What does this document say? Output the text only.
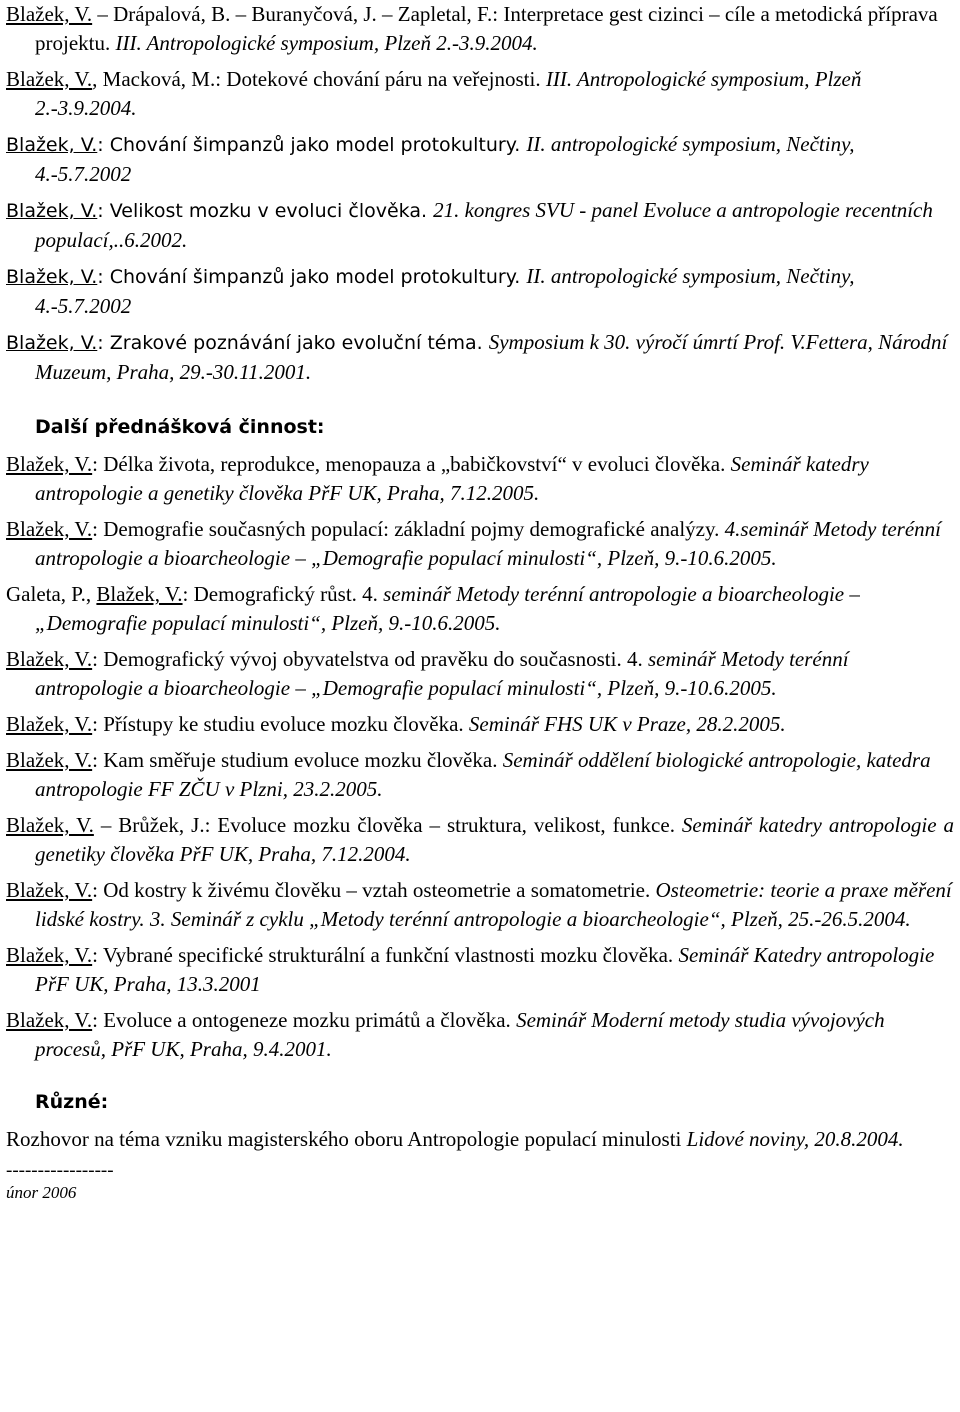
Blažek, V. – Drápalová, B. – Buranyčová, J. – Zapletal, F.: Interpretace gest cizinci – cíle a metodická příprava projektu. III. Antropologické symposium, Plzeň 2.-3.9.2004.

Blažek, V., Macková, M.: Dotekové chování páru na veřejnosti. III. Antropologické symposium, Plzeň 2.-3.9.2004.

Blažek, V.: Chování šimpanzů jako model protokultury. II. antropologické symposium, Nečtiny, 4.-5.7.2002

Blažek, V.: Velikost mozku v evoluci člověka. 21. kongres SVU - panel Evoluce a antropologie recentních populací,..6.2002.

Blažek, V.: Chování šimpanzů jako model protokultury. II. antropologické symposium, Nečtiny, 4.-5.7.2002

Blažek, V.: Zrakové poznávání jako evoluční téma. Symposium k 30. výročí úmrtí Prof. V.Fettera, Národní Muzeum, Praha, 29.-30.11.2001.

Další přednášková činnost:

Blažek, V.: Délka života, reprodukce, menopauza a „babičkovství“ v evoluci člověka. Seminář katedry antropologie a genetiky člověka PřF UK, Praha, 7.12.2005.

Blažek, V.: Demografie současných populací: základní pojmy demografické analýzy. 4.seminář Metody terénní antropologie a bioarcheologie – „Demografie populací minulosti“, Plzeň, 9.-10.6.2005.

Galeta, P., Blažek, V.: Demografický růst. 4. seminář Metody terénní antropologie a bioarcheologie – „Demografie populací minulosti“, Plzeň, 9.-10.6.2005.

Blažek, V.: Demografický vývoj obyvatelstva od pravěku do současnosti. 4. seminář Metody terénní antropologie a bioarcheologie – „Demografie populací minulosti“, Plzeň, 9.-10.6.2005.

Blažek, V.: Přístupy ke studiu evoluce mozku člověka. Seminář FHS UK v Praze, 28.2.2005.

Blažek, V.: Kam směřuje studium evoluce mozku člověka. Seminář oddělení biologické antropologie, katedra antropologie FF ZČU v Plzni, 23.2.2005.

Blažek, V. – Brůžek, J.: Evoluce mozku člověka – struktura, velikost, funkce. Seminář katedry antropologie a genetiky člověka PřF UK, Praha, 7.12.2004.

Blažek, V.: Od kostry k živému člověku – vztah osteometrie a somatometrie. Osteometrie: teorie a praxe měření lidské kostry. 3. Seminář z cyklu „Metody terénní antropologie a bioarcheologie“, Plzeň, 25.-26.5.2004.

Blažek, V.: Vybrané specifické strukturální a funkční vlastnosti mozku člověka. Seminář Katedry antropologie PřF UK, Praha, 13.3.2001

Blažek, V.: Evoluce a ontogeneze mozku primátů a člověka. Seminář Moderní metody studia vývojových procesů, PřF UK, Praha, 9.4.2001.

Různé:

Rozhovor na téma vzniku magisterského oboru Antropologie populací minulosti Lidové noviny, 20.8.2004.

-----------------

únor 2006
